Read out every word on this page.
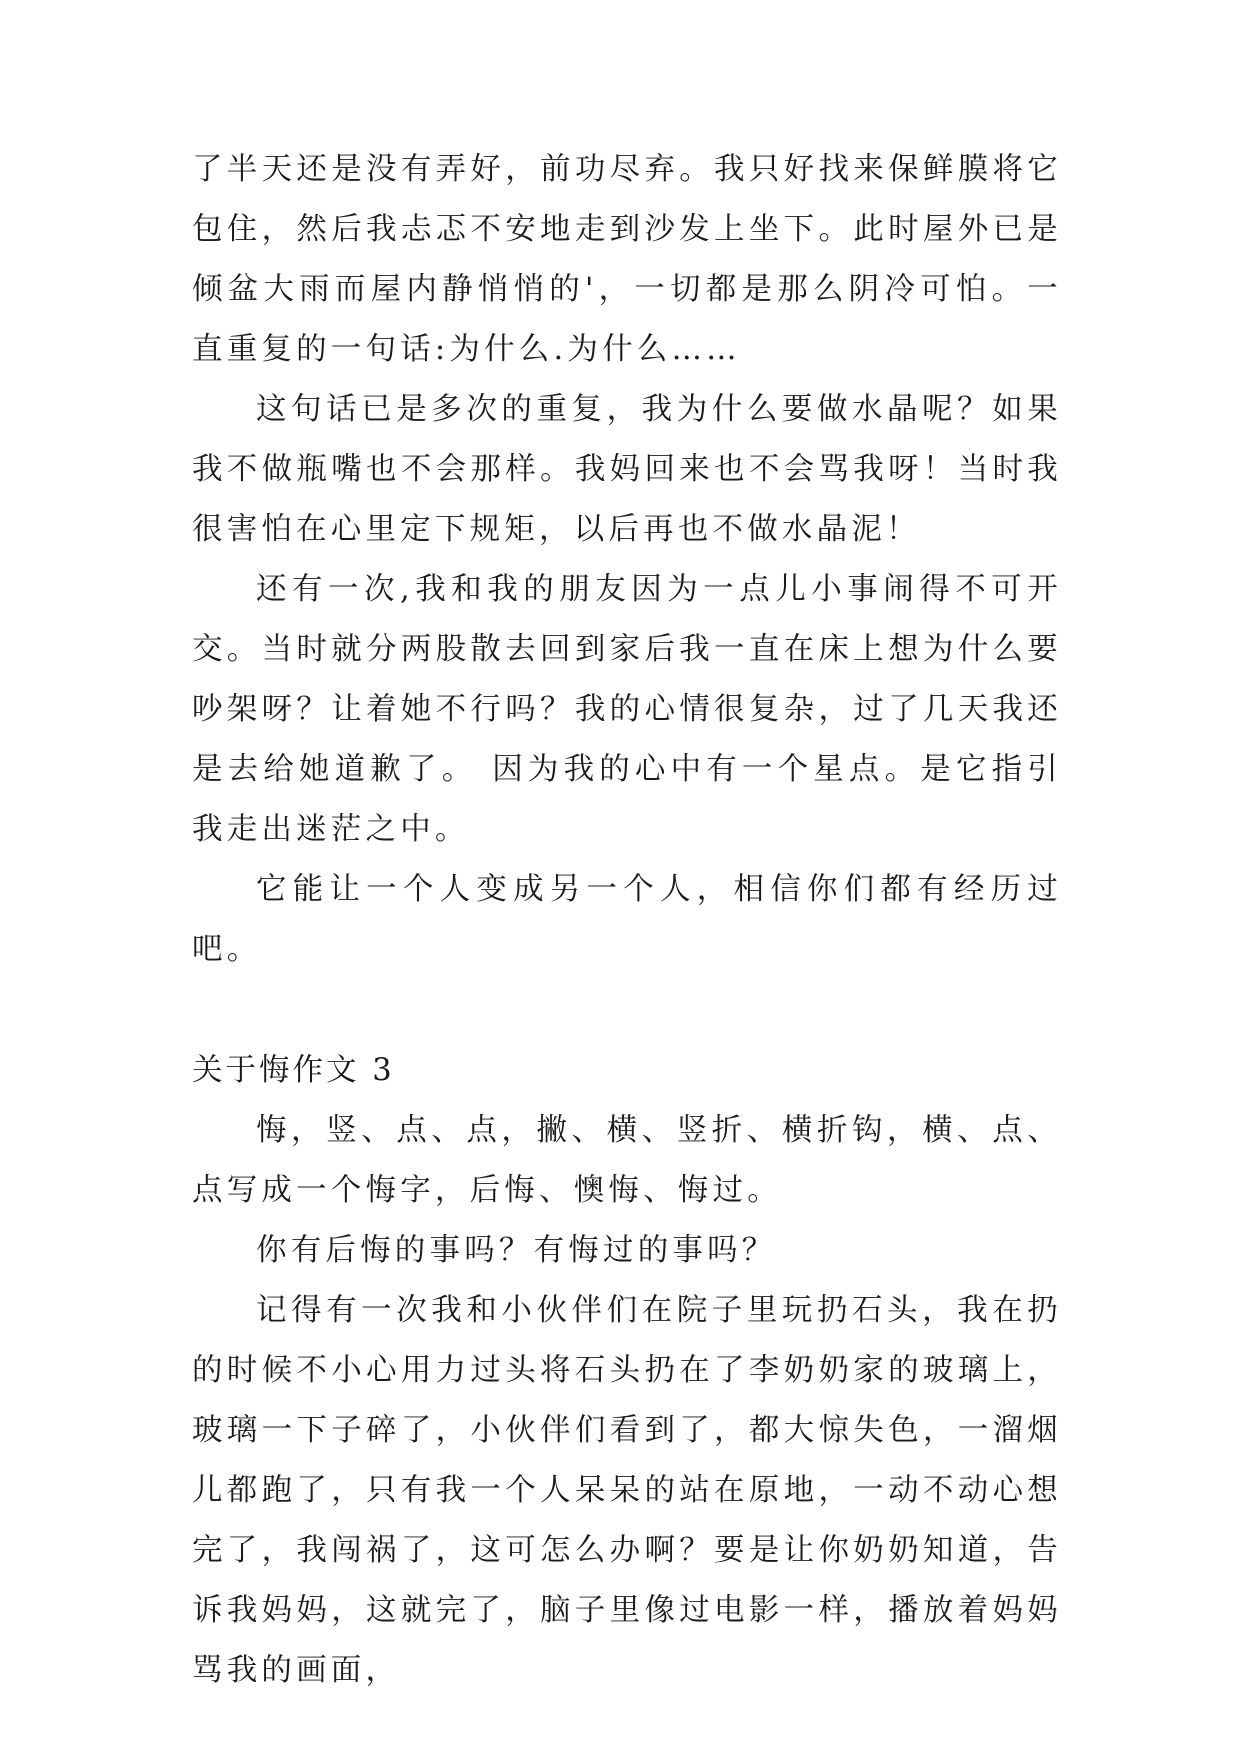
了半天还是没有弄好，前功尽弃。我只好找来保鲜膜将它包住，然后我忐忑不安地走到沙发上坐下。此时屋外已是倾盆大雨而屋内静悄悄的'，一切都是那么阴冷可怕。一直重复的一句话:为什么.为什么……

这句话已是多次的重复，我为什么要做水晶呢？如果我不做瓶嘴也不会那样。我妈回来也不会骂我呀！当时我很害怕在心里定下规矩，以后再也不做水晶泥！

还有一次,我和我的朋友因为一点儿小事闹得不可开交。当时就分两股散去回到家后我一直在床上想为什么要吵架呀？让着她不行吗？我的心情很复杂，过了几天我还是去给她道歉了。 因为我的心中有一个星点。是它指引我走出迷茫之中。

它能让一个人变成另一个人，相信你们都有经历过吧。

关于悔作文 3

悔，竖、点、点，撇、横、竖折、横折钩，横、点、点写成一个悔字，后悔、懊悔、悔过。

你有后悔的事吗？有悔过的事吗？

记得有一次我和小伙伴们在院子里玩扔石头，我在扔的时候不小心用力过头将石头扔在了李奶奶家的玻璃上，玻璃一下子碎了，小伙伴们看到了，都大惊失色，一溜烟儿都跑了，只有我一个人呆呆的站在原地，一动不动心想完了，我闯祸了，这可怎么办啊？要是让你奶奶知道，告诉我妈妈，这就完了，脑子里像过电影一样，播放着妈妈骂我的画面，
